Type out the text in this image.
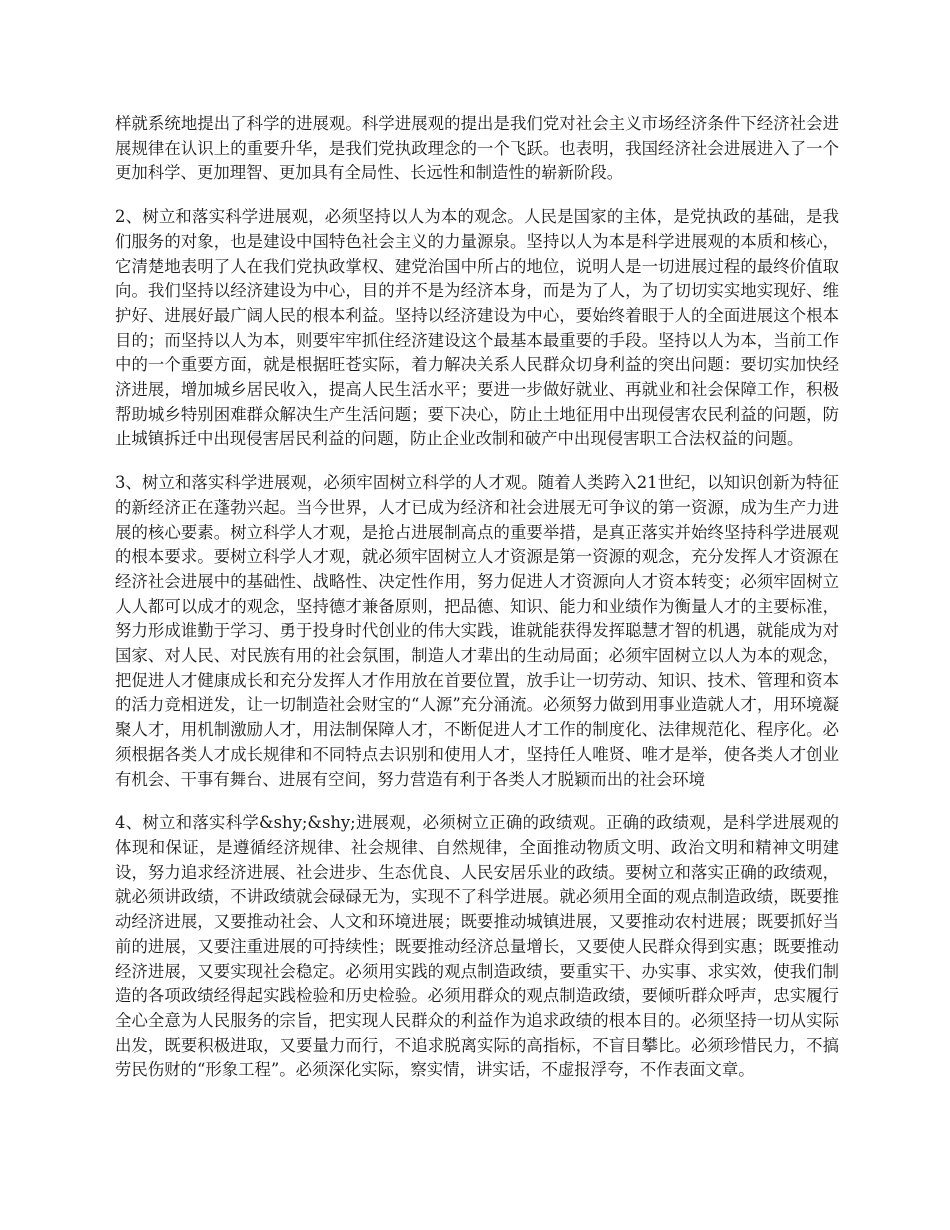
样就系统地提出了科学的进展观。科学进展观的提出是我们党对社会主义市场经济条件下经济社会进展规律在认识上的重要升华，是我们党执政理念的一个飞跃。也表明，我国经济社会进展进入了一个更加科学、更加理智、更加具有全局性、长远性和制造性的崭新阶段。

2、树立和落实科学进展观，必须坚持以人为本的观念。人民是国家的主体，是党执政的基础，是我们服务的对象，也是建设中国特色社会主义的力量源泉。坚持以人为本是科学进展观的本质和核心，它清楚地表明了人在我们党执政掌权、建党治国中所占的地位，说明人是一切进展过程的最终价值取向。我们坚持以经济建设为中心，目的并不是为经济本身，而是为了人，为了切切实实地实现好、维护好、进展好最广阔人民的根本利益。坚持以经济建设为中心，要始终着眼于人的全面进展这个根本目的；而坚持以人为本，则要牢牢抓住经济建设这个最基本最重要的手段。坚持以人为本，当前工作中的一个重要方面，就是根据旺苍实际，着力解决关系人民群众切身利益的突出问题：要切实加快经济进展，增加城乡居民收入，提高人民生活水平；要进一步做好就业、再就业和社会保障工作，积极帮助城乡特别困难群众解决生产生活问题；要下决心，防止土地征用中出现侵害农民利益的问题，防止城镇拆迁中出现侵害居民利益的问题，防止企业改制和破产中出现侵害职工合法权益的问题。

3、树立和落实科学进展观，必须牢固树立科学的人才观。随着人类跨入21世纪，以知识创新为特征的新经济正在蓬勃兴起。当今世界，人才已成为经济和社会进展无可争议的第一资源，成为生产力进展的核心要素。树立科学人才观，是抢占进展制高点的重要举措，是真正落实并始终坚持科学进展观的根本要求。要树立科学人才观，就必须牢固树立人才资源是第一资源的观念，充分发挥人才资源在经济社会进展中的基础性、战略性、决定性作用，努力促进人才资源向人才资本转变；必须牢固树立人人都可以成才的观念，坚持德才兼备原则，把品德、知识、能力和业绩作为衡量人才的主要标准，努力形成谁勤于学习、勇于投身时代创业的伟大实践，谁就能获得发挥聪慧才智的机遇，就能成为对国家、对人民、对民族有用的社会氛围，制造人才辈出的生动局面；必须牢固树立以人为本的观念，把促进人才健康成长和充分发挥人才作用放在首要位置，放手让一切劳动、知识、技术、管理和资本的活力竞相迸发，让一切制造社会财宝的“人源”充分涌流。必须努力做到用事业造就人才，用环境凝聚人才，用机制激励人才，用法制保障人才，不断促进人才工作的制度化、法律规范化、程序化。必须根据各类人才成长规律和不同特点去识别和使用人才，坚持任人唯贤、唯才是举，使各类人才创业有机会、干事有舞台、进展有空间，努力营造有利于各类人才脱颖而出的社会环境

4、树立和落实科学&shy;&shy;进展观，必须树立正确的政绩观。正确的政绩观，是科学进展观的体现和保证，是遵循经济规律、社会规律、自然规律，全面推动物质文明、政治文明和精神文明建设，努力追求经济进展、社会进步、生态优良、人民安居乐业的政绩。要树立和落实正确的政绩观，就必须讲政绩，不讲政绩就会碌碌无为，实现不了科学进展。就必须用全面的观点制造政绩，既要推动经济进展，又要推动社会、人文和环境进展；既要推动城镇进展，又要推动农村进展；既要抓好当前的进展，又要注重进展的可持续性；既要推动经济总量增长，又要使人民群众得到实惠；既要推动经济进展，又要实现社会稳定。必须用实践的观点制造政绩，要重实干、办实事、求实效，使我们制造的各项政绩经得起实践检验和历史检验。必须用群众的观点制造政绩，要倾听群众呼声，忠实履行全心全意为人民服务的宗旨，把实现人民群众的利益作为追求政绩的根本目的。必须坚持一切从实际出发，既要积极进取，又要量力而行，不追求脱离实际的高指标，不盲目攀比。必须珍惜民力，不搞劳民伤财的“形象工程”。必须深化实际，察实情，讲实话，不虚报浮夸，不作表面文章。
